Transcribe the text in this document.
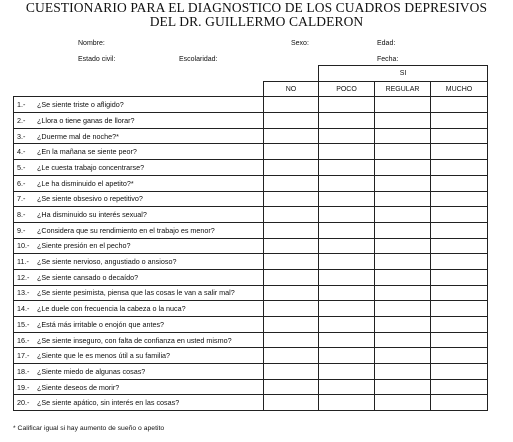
CUESTIONARIO PARA EL DIAGNOSTICO DE LOS CUADROS DEPRESIVOS
DEL DR. GUILLERMO CALDERON
Nombre:	Sexo:	Edad:
Estado civil:	Escolaridad:	Fecha:
		SI		
	NO	POCO	REGULAR	MUCHO
1.- ¿Se siente triste o afligido?				
2.- ¿Llora o tiene ganas de llorar?				
3.- ¿Duerme mal de noche?*				
4.- ¿En la mañana se siente peor?				
5.- ¿Le cuesta trabajo concentrarse?				
6.- ¿Le ha disminuido el apetito?*				
7.- ¿Se siente obsesivo o repetitivo?				
8.- ¿Ha disminuido su interés sexual?				
9.- ¿Considera que su rendimiento en el trabajo es menor?				
10.- ¿Siente presión en el pecho?				
11.- ¿Se siente nervioso, angustiado o ansioso?				
12.- ¿Se siente cansado o decaído?				
13.- ¿Se siente pesimista, piensa que las cosas le van a salir mal?				
14.- ¿Le duele con frecuencia la cabeza o la nuca?				
15.- ¿Está más irritable o enojón que antes?				
16.- ¿Se siente inseguro, con falta de confianza en usted mismo?				
17.- ¿Siente que le es menos útil a su familia?				
18.- ¿Siente miedo de algunas cosas?				
19.- ¿Siente deseos de morir?				
20.- ¿Se siente apático, sin interés en las cosas?				
* Calificar igual si hay aumento de sueño o apetito
